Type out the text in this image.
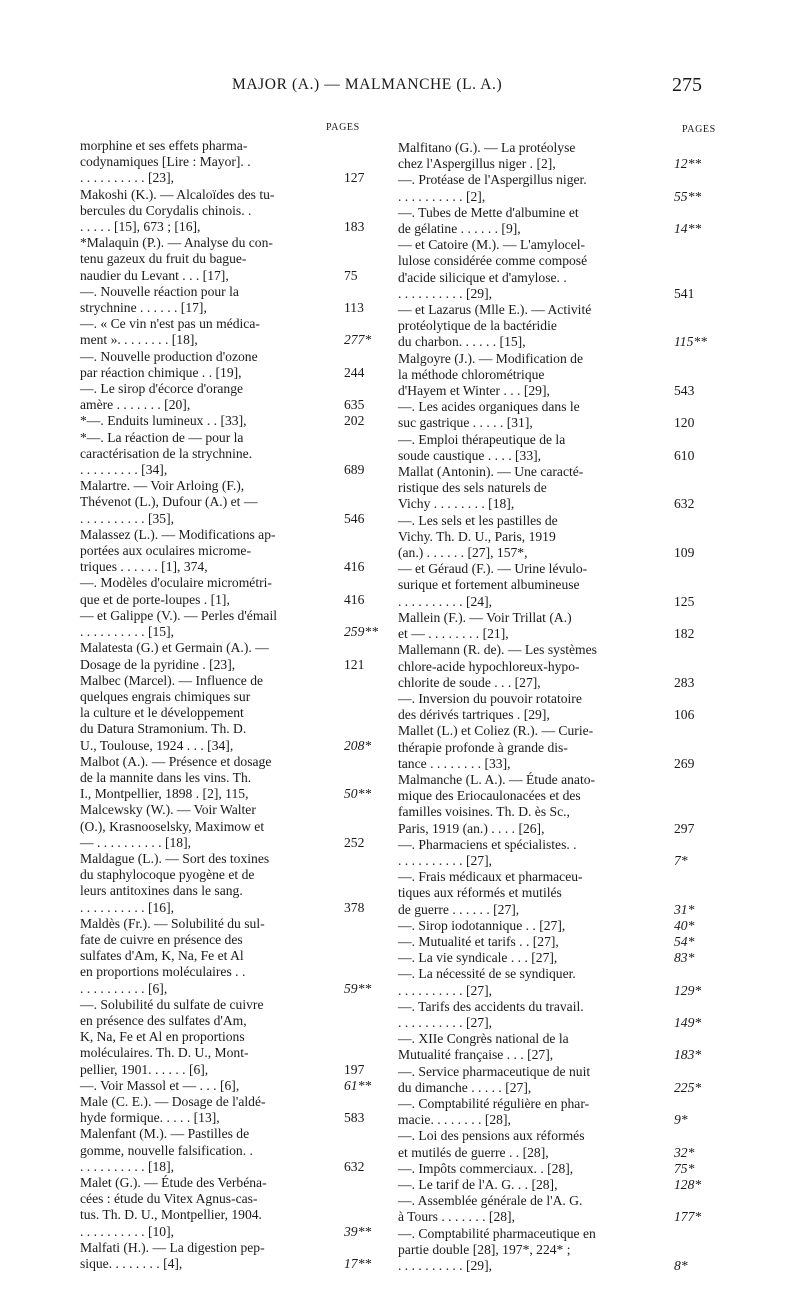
MAJOR (A.) — MALMANCHE (L. A.)	275
PAGES
morphine et ses effets pharma-
codynamiques [Lire : Mayor]. .
. . . . . . . . . . [23],	127
Makoshi (K.). — Alcaloïdes des tu-
bercules du Corydalis chinois. .
. . . . . [15], 673 ; [16],	183
*Malaquin (P.). — Analyse du con-
tenu gazeux du fruit du bague-
naudier du Levant . . . [17],	75
—. Nouvelle réaction pour la
strychnine . . . . . . [17],	113
—. « Ce vin n'est pas un médica-
ment ». . . . . . . . [18],	277*
—. Nouvelle production d'ozone
par réaction chimique . . [19],	244
—. Le sirop d'écorce d'orange
amère . . . . . . . [20],	635
*—. Enduits lumineux . . [33],	202
*—. La réaction de — pour la
caractérisation de la strychnine.
. . . . . . . . . [34],	689
Malartre. — Voir Arloing (F.),
Thévenot (L.), Dufour (A.) et —
. . . . . . . . . . [35],	546
Malassez (L.). — Modifications ap-
portées aux oculaires microme-
triques . . . . . . [1], 374,	416
—. Modèles d'oculaire micrométri-
que et de porte-loupes . [1],	416
— et Galippe (V.). — Perles d'émail
. . . . . . . . . . [15],	259**
Malatesta (G.) et Germain (A.). —
Dosage de la pyridine . [23],	121
Malbec (Marcel). — Influence de
quelques engrais chimiques sur
la culture et le développement
du Datura Stramonium. Th. D.
U., Toulouse, 1924 . . . [34],	208*
Malbot (A.). — Présence et dosage
de la mannite dans les vins. Th.
I., Montpellier, 1898 . [2], 115,	50**
Malcewsky (W.). — Voir Walter
(O.), Krasnooselsky, Maximow et
— . . . . . . . . . . [18],	252
Maldague (L.). — Sort des toxines
du staphylocoque pyogène et de
leurs antitoxines dans le sang.
. . . . . . . . . . [16],	378
Maldès (Fr.). — Solubilité du sul-
fate de cuivre en présence des
sulfates d'Am, K, Na, Fe et Al
en proportions moléculaires . .
. . . . . . . . . . [6],	59**
—. Solubilité du sulfate de cuivre
en présence des sulfates d'Am,
K, Na, Fe et Al en proportions
moléculaires. Th. D. U., Mont-
pellier, 1901. . . . . . [6],	197
—. Voir Massol et — . . . [6],	61**
Male (C. E.). — Dosage de l'aldé-
hyde formique. . . . . [13],	583
Malenfant (M.). — Pastilles de
gomme, nouvelle falsification. .
. . . . . . . . . . [18],	632
Malet (G.). — Étude des Verbéna-
cées : étude du Vitex Agnus-cas-
tus. Th. D. U., Montpellier, 1904.
. . . . . . . . . . [10],	39**
Malfati (H.). — La digestion pep-
sique. . . . . . . . [4],	17**
PAGES
Malfitano (G.). — La protéolyse
chez l'Aspergillus niger . [2],	12**
—. Protéase de l'Aspergillus niger.
. . . . . . . . . . [2],	55**
—. Tubes de Mette d'albumine et
de gélatine . . . . . . [9],	14**
— et Catoire (M.). — L'amylocel-
lulose considérée comme composé
d'acide silicique et d'amylose. .
. . . . . . . . . . [29],	541
— et Lazarus (Mlle E.). — Activité
protéolytique de la bactéridie
du charbon. . . . . . [15],	115**
Malgoyre (J.). — Modification de
la méthode chlorométrique
d'Hayem et Winter . . . [29],	543
—. Les acides organiques dans le
suc gastrique . . . . . [31],	120
—. Emploi thérapeutique de la
soude caustique . . . . [33],	610
Mallat (Antonin). — Une caracté-
ristique des sels naturels de
Vichy . . . . . . . . [18],	632
—. Les sels et les pastilles de
Vichy. Th. D. U., Paris, 1919
(an.) . . . . . . [27], 157*,	109
— et Géraud (F.). — Urine lévulo-
surique et fortement albumineuse
. . . . . . . . . . [24],	125
Mallein (F.). — Voir Trillat (A.)
et — . . . . . . . . [21],	182
Mallemann (R. de). — Les systèmes
chlore-acide hypochloreux-hypo-
chlorite de soude . . . [27],	283
—. Inversion du pouvoir rotatoire
des dérivés tartriques . [29],	106
Mallet (L.) et Coliez (R.). — Curie-
thérapie profonde à grande dis-
tance . . . . . . . . [33],	269
Malmanche (L. A.). — Étude anato-
mique des Eriocaulonacées et des
familles voisines. Th. D. ès Sc.,
Paris, 1919 (an.) . . . . [26],	297
—. Pharmaciens et spécialistes. .
. . . . . . . . . . [27],	7*
—. Frais médicaux et pharmaceu-
tiques aux réformés et mutilés
de guerre . . . . . . [27],	31*
—. Sirop iodotannique . . [27],	40*
—. Mutualité et tarifs . . [27],	54*
—. La vie syndicale . . . [27],	83*
—. La nécessité de se syndiquer.
. . . . . . . . . . [27],	129*
—. Tarifs des accidents du travail.
. . . . . . . . . . [27],	149*
—. XIIe Congrès national de la
Mutualité française . . . [27],	183*
—. Service pharmaceutique de nuit
du dimanche . . . . . [27],	225*
—. Comptabilité régulière en phar-
macie. . . . . . . . [28],	9*
—. Loi des pensions aux réformés
et mutilés de guerre . . [28],	32*
—. Impôts commerciaux. . [28],	75*
—. Le tarif de l'A. G. . . [28],	128*
—. Assemblée générale de l'A. G.
à Tours . . . . . . . [28],	177*
—. Comptabilité pharmaceutique en
partie double [28], 197*, 224* ;
. . . . . . . . . . [29],	8*
